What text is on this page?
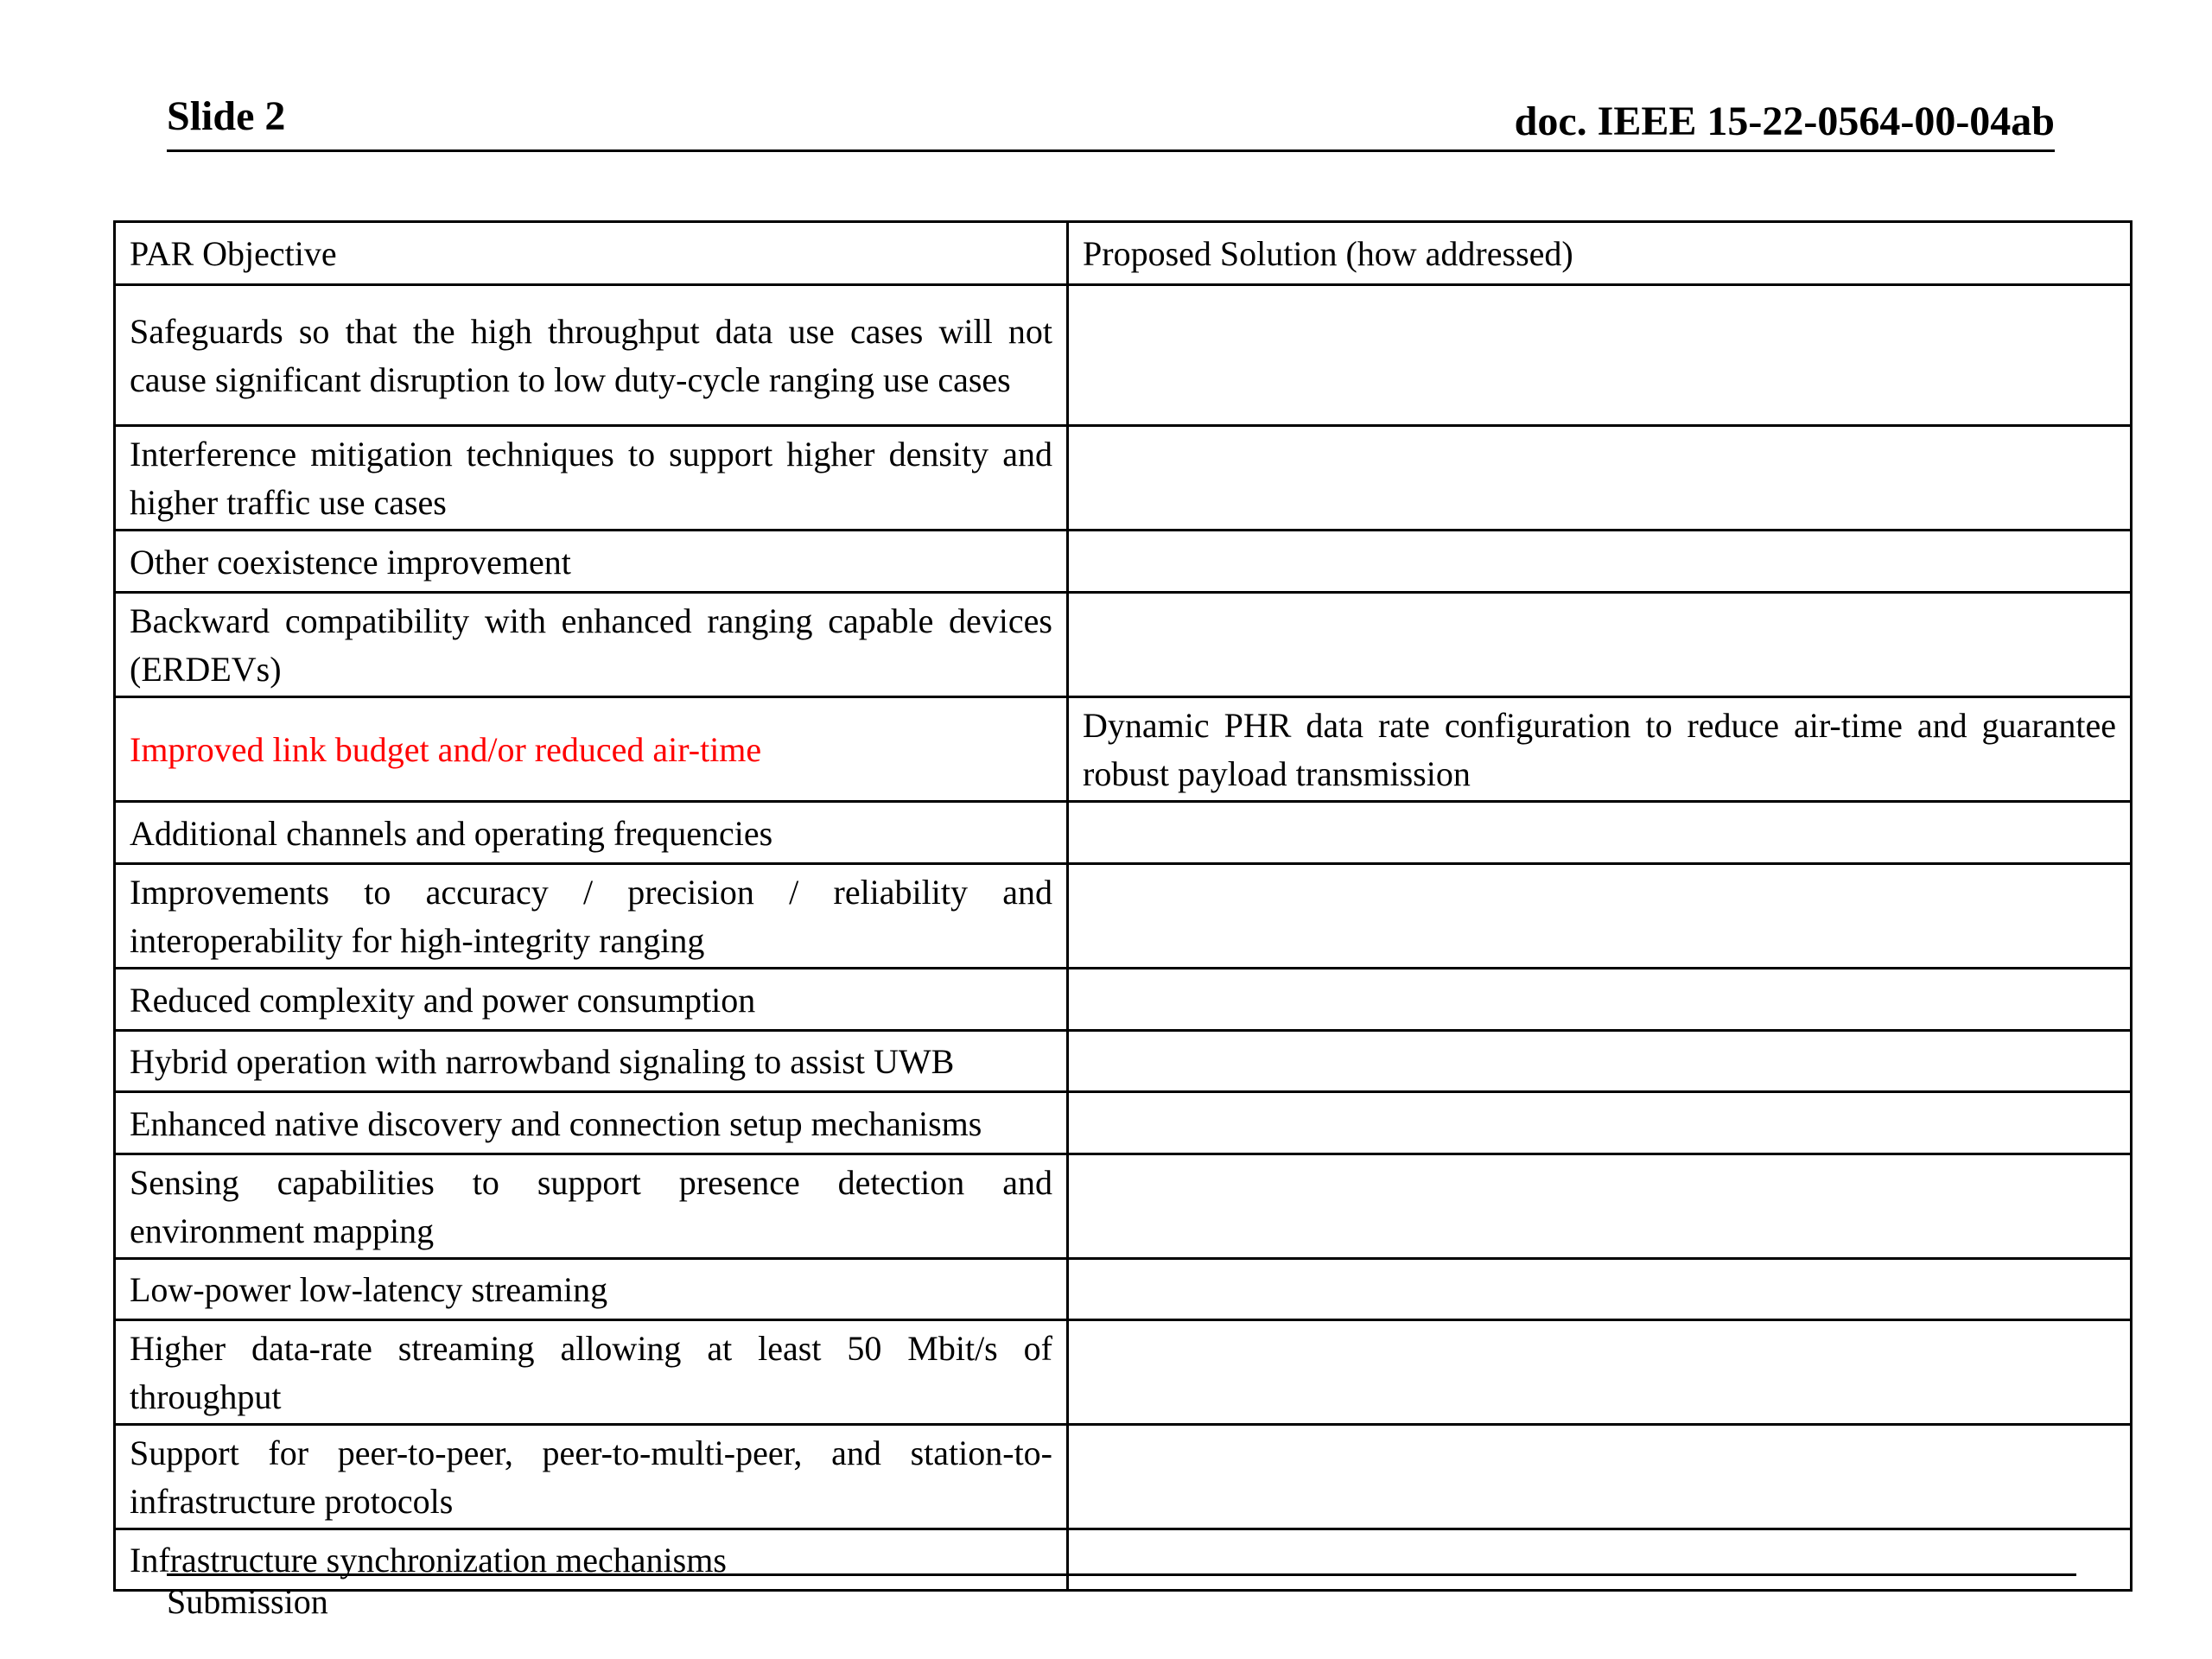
Slide 2	doc. IEEE 15-22-0564-00-04ab
PAR Objective	Proposed Solution (how addressed)
Safeguards so that the high throughput data use cases will not cause significant disruption to low duty-cycle ranging use cases	
Interference mitigation techniques to support higher density and higher traffic use cases	
Other coexistence improvement	
Backward compatibility with enhanced ranging capable devices (ERDEVs)	
Improved link budget and/or reduced air-time	Dynamic PHR data rate configuration to reduce air-time and guarantee robust payload transmission
Additional channels and operating frequencies	
Improvements to accuracy / precision / reliability and interoperability for high-integrity ranging	
Reduced complexity and power consumption	
Hybrid operation with narrowband signaling to assist UWB	
Enhanced native discovery and connection setup mechanisms	
Sensing capabilities to support presence detection and environment mapping	
Low-power low-latency streaming	
Higher data-rate streaming allowing at least 50 Mbit/s of throughput	
Support for peer-to-peer, peer-to-multi-peer, and station-to-infrastructure protocols	
Infrastructure synchronization mechanisms	
Submission
